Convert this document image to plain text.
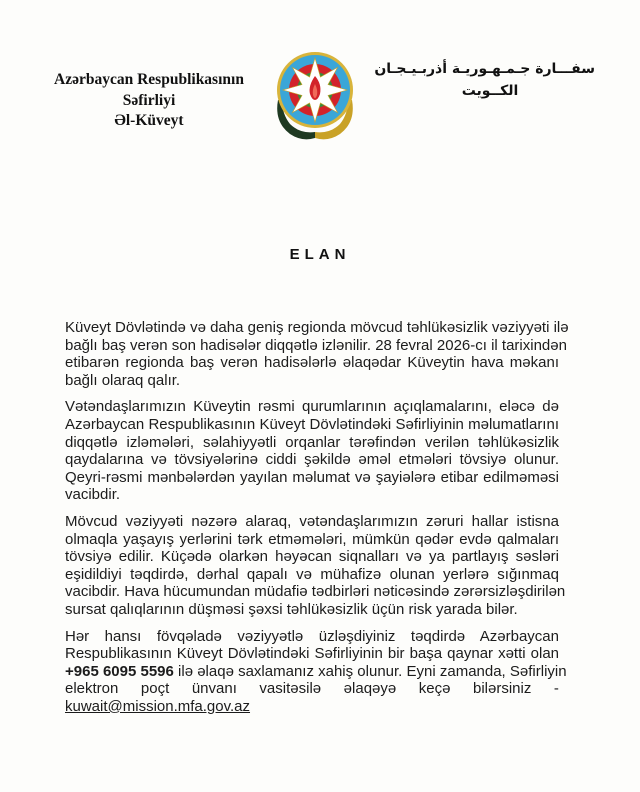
Azərbaycan Respublikasının
Səfirliyi
Əl-Küveyt
سفـــارة جـمـهـوريـة أذربـيـجـان
الكــويت
ELAN
Küveyt Dövlətində və daha geniş regionda mövcud təhlükəsizlik vəziyyəti ilə
bağlı baş verən son hadisələr diqqətlə izlənilir. 28 fevral 2026-cı il tarixindən
etibarən regionda baş verən hadisələrlə əlaqədar Küveytin hava məkanı
bağlı olaraq qalır.
Vətəndaşlarımızın Küveytin rəsmi qurumlarının açıqlamalarını, eləcə də
Azərbaycan Respublikasının Küveyt Dövlətindəki Səfirliyinin məlumatlarını
diqqətlə izləmələri, səlahiyyətli orqanlar tərəfindən verilən təhlükəsizlik
qaydalarına və tövsiyələrinə ciddi şəkildə əməl etmələri tövsiyə olunur.
Qeyri-rəsmi mənbələrdən yayılan məlumat və şayiələrə etibar edilməməsi
vacibdir.
Mövcud vəziyyəti nəzərə alaraq, vətəndaşlarımızın zəruri hallar istisna
olmaqla yaşayış yerlərini tərk etməmələri, mümkün qədər evdə qalmaları
tövsiyə edilir. Küçədə olarkən həyəcan siqnalları və ya partlayış səsləri
eşidildiyi təqdirdə, dərhal qapalı və mühafizə olunan yerlərə sığınmaq
vacibdir. Hava hücumundan müdafiə tədbirləri nəticəsində zərərsizləşdirilən
sursat qalıqlarının düşməsi şəxsi təhlükəsizlik üçün risk yarada bilər.
Hər hansı fövqəladə vəziyyətlə üzləşdiyiniz təqdirdə Azərbaycan
Respublikasının Küveyt Dövlətindəki Səfirliyinin bir başa qaynar xətti olan
+965 6095 5596 ilə əlaqə saxlamanız xahiş olunur. Eyni zamanda, Səfirliyin
elektron poçt ünvanı vasitəsilə əlaqəyə keçə bilərsiniz -
kuwait@mission.mfa.gov.az
